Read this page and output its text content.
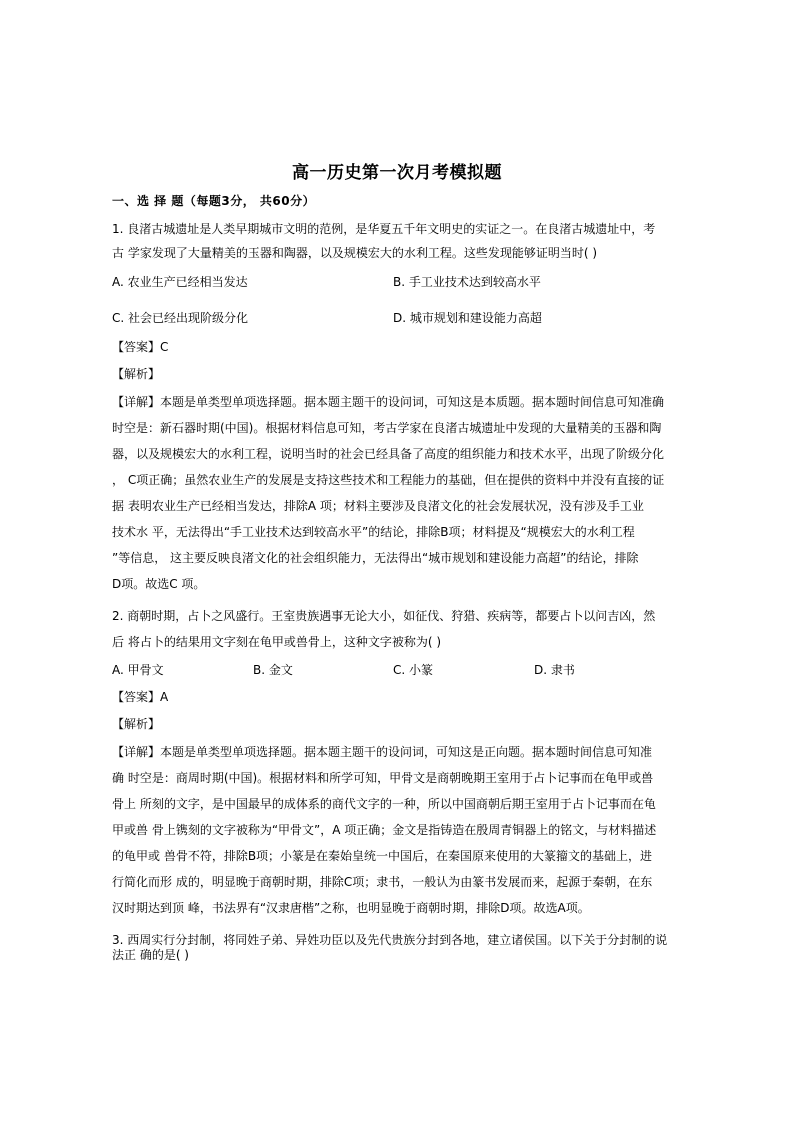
高一历史第一次月考模拟题
一、选 择 题（每题3分， 共60分）
1. 良渚古城遗址是人类早期城市文明的范例，是华夏五千年文明史的实证之一。在良渚古城遗址中，考
古 学家发现了大量精美的玉器和陶器，以及规模宏大的水利工程。这些发现能够证明当时( )
A. 农业生产已经相当发达	B. 手工业技术达到较高水平
C. 社会已经出现阶级分化	D. 城市规划和建设能力高超
【答案】C
【解析】
【详解】本题是单类型单项选择题。据本题主题干的设问词，可知这是本质题。据本题时间信息可知准确
时空是：新石器时期(中国)。根据材料信息可知，考古学家在良渚古城遗址中发现的大量精美的玉器和陶
器，以及规模宏大的水利工程，说明当时的社会已经具备了高度的组织能力和技术水平，出现了阶级分化
， C项正确；虽然农业生产的发展是支持这些技术和工程能力的基础，但在提供的资料中并没有直接的证
据 表明农业生产已经相当发达，排除A 项；材料主要涉及良渚文化的社会发展状况，没有涉及手工业
技术水 平，无法得出“手工业技术达到较高水平”的结论，排除B项；材料提及“规模宏大的水利工程
”等信息， 这主要反映良渚文化的社会组织能力，无法得出“城市规划和建设能力高超”的结论，排除
D项。故选C 项。
2. 商朝时期，占卜之风盛行。王室贵族遇事无论大小，如征伐、狩猎、疾病等，都要占卜以问吉凶，然
后 将占卜的结果用文字刻在龟甲或兽骨上，这种文字被称为( )
A. 甲骨文	B. 金文	C. 小篆	D. 隶书
【答案】A
【解析】
【详解】本题是单类型单项选择题。据本题主题干的设问词，可知这是正向题。据本题时间信息可知准
确 时空是：商周时期(中国)。根据材料和所学可知，甲骨文是商朝晚期王室用于占卜记事而在龟甲或兽
骨上 所刻的文字，是中国最早的成体系的商代文字的一种，所以中国商朝后期王室用于占卜记事而在龟
甲或兽 骨上镌刻的文字被称为“甲骨文”，A 项正确；金文是指铸造在殷周青铜器上的铭文，与材料描述
的龟甲或 兽骨不符，排除B项；小篆是在秦始皇统一中国后，在秦国原来使用的大篆籀文的基础上，进
行简化而形 成的，明显晚于商朝时期，排除C项；隶书，一般认为由篆书发展而来，起源于秦朝，在东
汉时期达到顶 峰，书法界有“汉隶唐楷”之称，也明显晚于商朝时期，排除D项。故选A项。
3. 西周实行分封制，将同姓子弟、异姓功臣以及先代贵族分封到各地，建立诸侯国。以下关于分封制的说
法正 确的是( )
